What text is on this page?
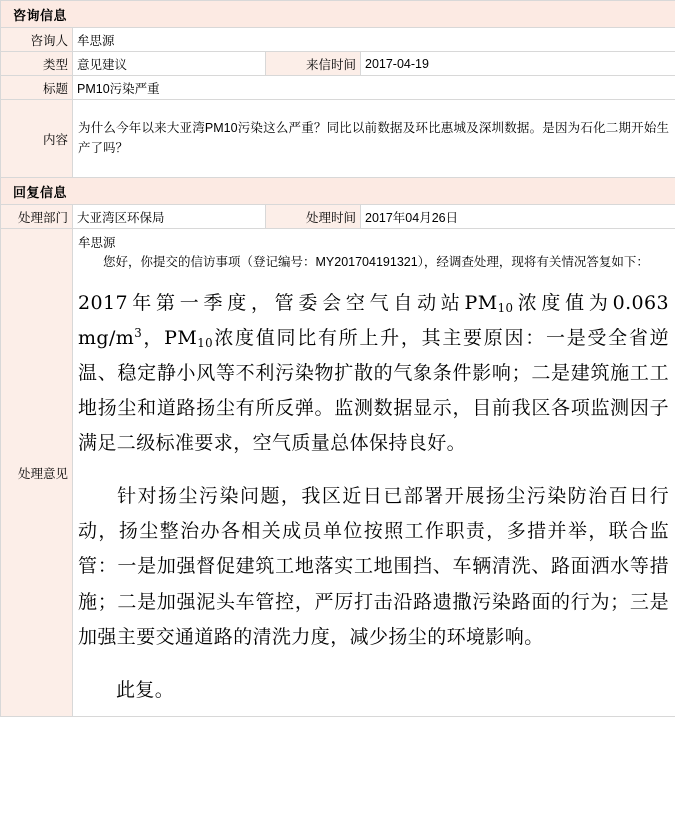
咨询信息			
咨询人	牟思源		
类型	意见建议	来信时间	2017-04-19
标题	PM10污染严重		
内容	为什么今年以来大亚湾PM10污染这么严重？同比以前数据及环比惠城及深圳数据。是因为石化二期开始生产了吗？		
回复信息			
处理部门	大亚湾区环保局	处理时间	2017年04月26日
处理意见	牟思源
您好，你提交的信访事项（登记编号：MY201704191321），经调查处理，现将有关情况答复如下：

2017年第一季度，管委会空气自动站$PM_{10}$浓度值为0.063 $mg/m^3$，$PM_{10}$浓度值同比有所上升，其主要原因：一是受全省逆温、稳定静小风等不利污染物扩散的气象条件影响；二是建筑施工工地扬尘和道路扬尘有所反弹。监测数据显示，目前我区各项监测因子满足二级标准要求，空气质量总体保持良好。

针对扬尘污染问题，我区近日已部署开展扬尘污染防治百日行动，扬尘整治办各相关成员单位按照工作职责，多措并举，联合监管：一是加强督促建筑工地落实工地围挡、车辆清洗、路面洒水等措施；二是加强泥头车管控，严厉打击沿路遗撒污染路面的行为；三是加强主要交通道路的清洗力度，减少扬尘的环境影响。

此复。		
